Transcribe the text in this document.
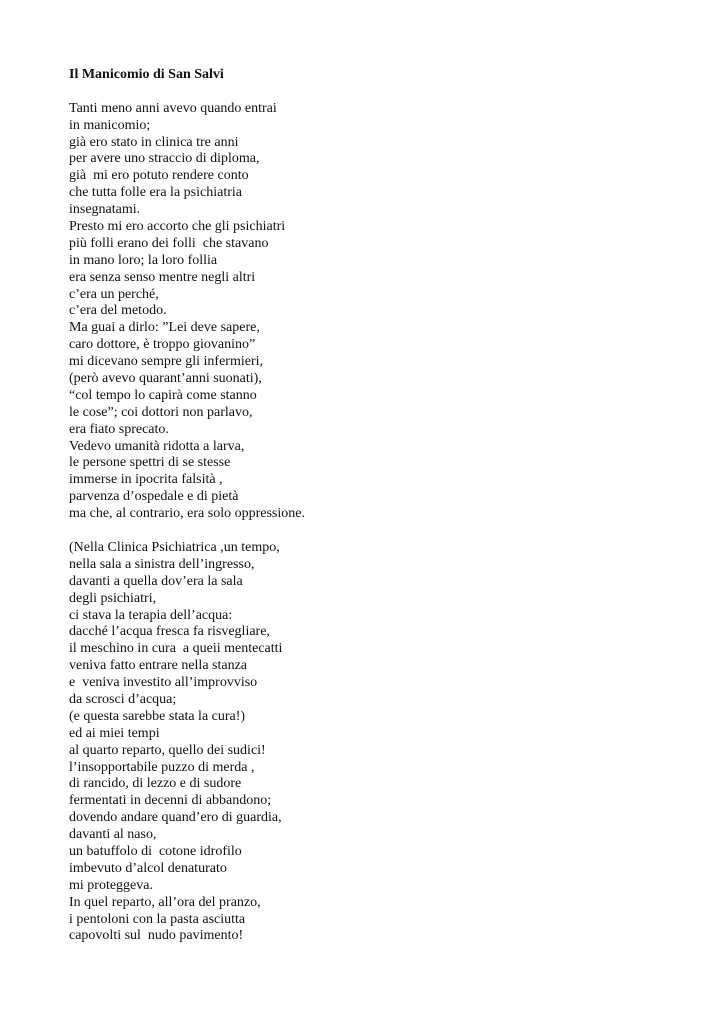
Il Manicomio di San Salvi
Tanti meno anni avevo quando entrai
in manicomio;
già ero stato in clinica tre anni
per avere uno straccio di diploma,
già  mi ero potuto rendere conto
che tutta folle era la psichiatria
insegnatami.
Presto mi ero accorto che gli psichiatri
più folli erano dei folli  che stavano
in mano loro; la loro follia
era senza senso mentre negli altri
c’era un perché,
c’era del metodo.
Ma guai a dirlo: ”Lei deve sapere,
caro dottore, è troppo giovanino”
mi dicevano sempre gli infermieri,
(però avevo quarant’anni suonati),
“col tempo lo capirà come stanno
le cose”; coi dottori non parlavo,
era fiato sprecato.
Vedevo umanità ridotta a larva,
le persone spettri di se stesse
immerse in ipocrita falsità ,
parvenza d’ospedale e di pietà
ma che, al contrario, era solo oppressione.
(Nella Clinica Psichiatrica ,un tempo,
nella sala a sinistra dell’ingresso,
davanti a quella dov’era la sala
degli psichiatri,
ci stava la terapia dell’acqua:
dacché l’acqua fresca fa risvegliare,
il meschino in cura  a queii mentecatti
veniva fatto entrare nella stanza
e  veniva investito all’improvviso
da scrosci d’acqua;
(e questa sarebbe stata la cura!)
ed ai miei tempi
al quarto reparto, quello dei sudici!
l’insopportabile puzzo di merda ,
di rancido, di lezzo e di sudore
fermentati in decenni di abbandono;
dovendo andare quand’ero di guardia,
davanti al naso,
un batuffolo di  cotone idrofilo
imbevuto d’alcol denaturato
mi proteggeva.
In quel reparto, all’ora del pranzo,
i pentoloni con la pasta asciutta
capovolti sul  nudo pavimento!
